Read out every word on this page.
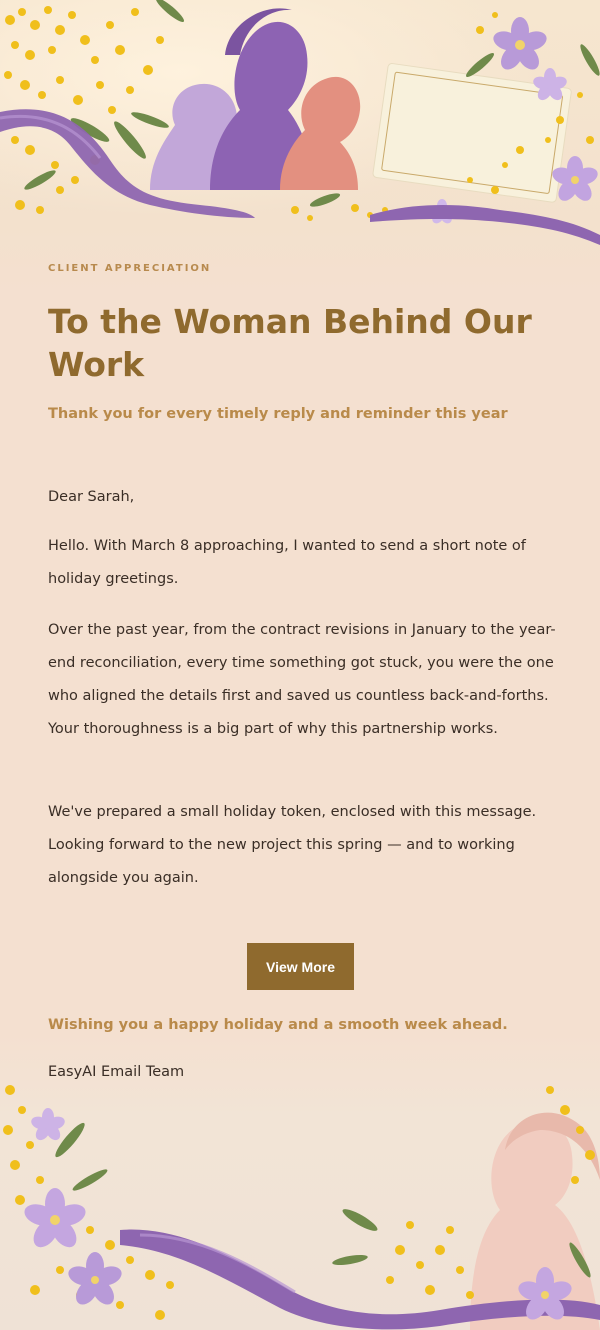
CLIENT APPRECIATION
To the Woman Behind Our Work
Thank you for every timely reply and reminder this year

Dear Sarah,

Hello. With March 8 approaching, I wanted to send a short note of holiday greetings.

Over the past year, from the contract revisions in January to the year-end reconciliation, every time something got stuck, you were the one who aligned the details first and saved us countless back-and-forths. Your thoroughness is a big part of why this partnership works.

We've prepared a small holiday token, enclosed with this message. Looking forward to the new project this spring — and to working alongside you again.

View More
Wishing you a happy holiday and a smooth week ahead.
EasyAI Email Team
